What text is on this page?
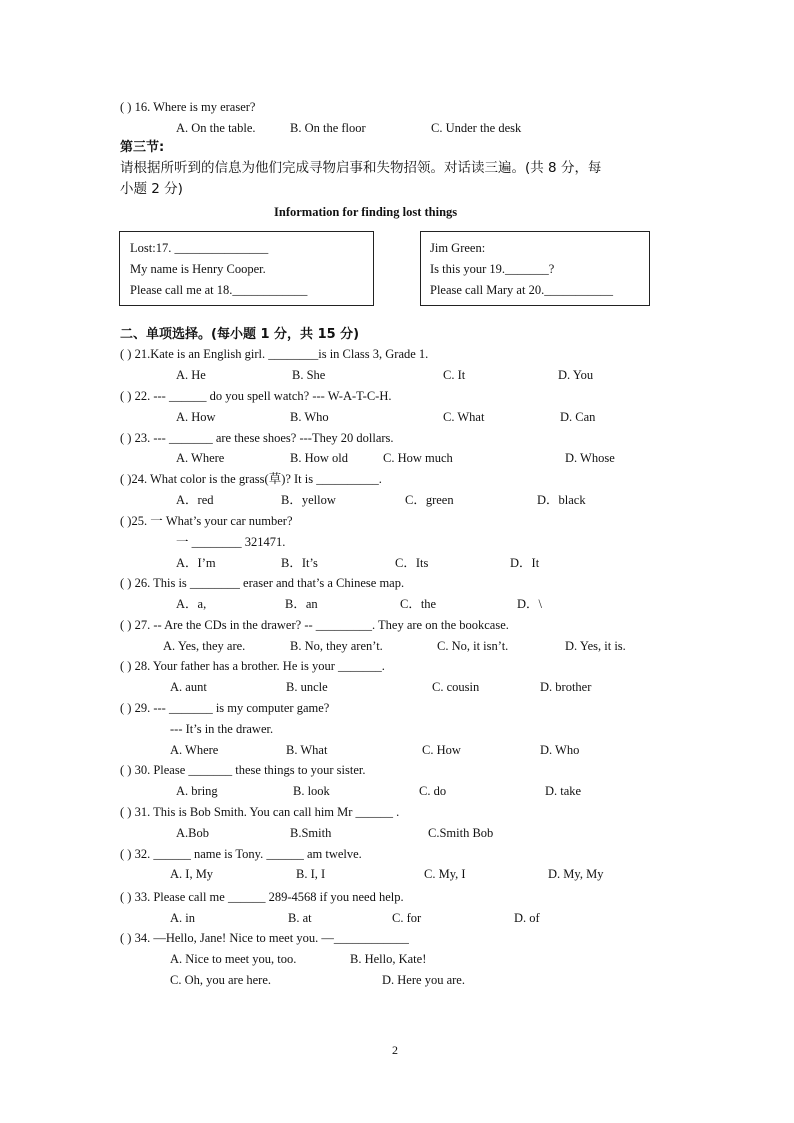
( ) 16. Where is my eraser?
A. On the table.	B. On the floor	C. Under the desk
第三节:
请根据所听到的信息为他们完成寻物启事和失物招领。对话读三遍。(共 8 分，每
小题 2 分)
Information for finding lost things
Lost:17. _______________
My name is Henry Cooper.
Please call me at 18.____________
Jim Green:
Is this your 19._______?
Please call Mary at 20.___________
二、单项选择。(每小题 1 分，共 15 分)
( ) 21.Kate is an English girl. ________is in Class 3, Grade 1.
A. He	B. She	C. It	D. You
( ) 22. --- ______ do you spell watch? --- W-A-T-C-H.
A. How	B. Who	C. What	D. Can
( ) 23. --- _______ are these shoes? ---They 20 dollars.
A. Where	B. How old	C. How much	D. Whose
( )24. What color is the grass(草)? It is __________.
A．red	B．yellow	C．green	D．black
( )25. 一 What’s your car number?
一 ________ 321471.
A．I’m	B．It’s	C．Its	D．It
( ) 26. This is ________ eraser and that’s a Chinese map.
A．a,	B．an	C．the	D．\
( ) 27. -- Are the CDs in the drawer? -- _________. They are on the bookcase.
A. Yes, they are.	B. No, they aren’t.	C. No, it isn’t.	D. Yes, it is.
( ) 28. Your father has a brother. He is your _______.
A. aunt	B. uncle	C. cousin	D. brother
( ) 29. --- _______ is my computer game?
--- It’s in the drawer.
A. Where	B. What	C. How	D. Who
( ) 30. Please _______ these things to your sister.
A. bring	B. look	C. do	D. take
( ) 31. This is Bob Smith. You can call him Mr ______ .
A.Bob	B.Smith	C.Smith Bob
( ) 32. ______ name is Tony. ______ am twelve.
A. I, My	B. I, I	C. My, I	D. My, My
( ) 33. Please call me ______ 289-4568 if you need help.
A. in	B. at	C. for	D. of
( ) 34. —Hello, Jane! Nice to meet you. —____________
A. Nice to meet you, too.	B. Hello, Kate!
C. Oh, you are here.	D. Here you are.
2
